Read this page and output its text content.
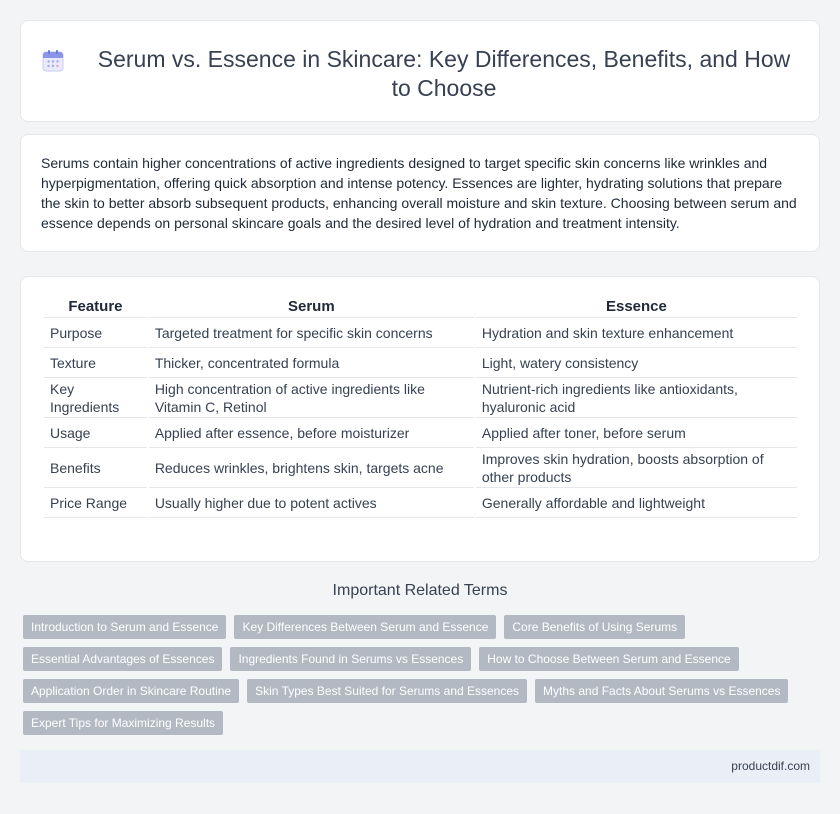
Serum vs. Essence in Skincare: Key Differences, Benefits, and How to Choose

Serums contain higher concentrations of active ingredients designed to target specific skin concerns like wrinkles and hyperpigmentation, offering quick absorption and intense potency. Essences are lighter, hydrating solutions that prepare the skin to better absorb subsequent products, enhancing overall moisture and skin texture. Choosing between serum and essence depends on personal skincare goals and the desired level of hydration and treatment intensity.

Feature	Serum	Essence
Purpose	Targeted treatment for specific skin concerns	Hydration and skin texture enhancement
Texture	Thicker, concentrated formula	Light, watery consistency
Key Ingredients	High concentration of active ingredients like Vitamin C, Retinol	Nutrient-rich ingredients like antioxidants, hyaluronic acid
Usage	Applied after essence, before moisturizer	Applied after toner, before serum
Benefits	Reduces wrinkles, brightens skin, targets acne	Improves skin hydration, boosts absorption of other products
Price Range	Usually higher due to potent actives	Generally affordable and lightweight
Important Related Terms
Introduction to Serum and Essence	Key Differences Between Serum and Essence	Core Benefits of Using Serums
Essential Advantages of Essences	Ingredients Found in Serums vs Essences	How to Choose Between Serum and Essence
Application Order in Skincare Routine	Skin Types Best Suited for Serums and Essences	Myths and Facts About Serums vs Essences
Expert Tips for Maximizing Results
productdif.com
